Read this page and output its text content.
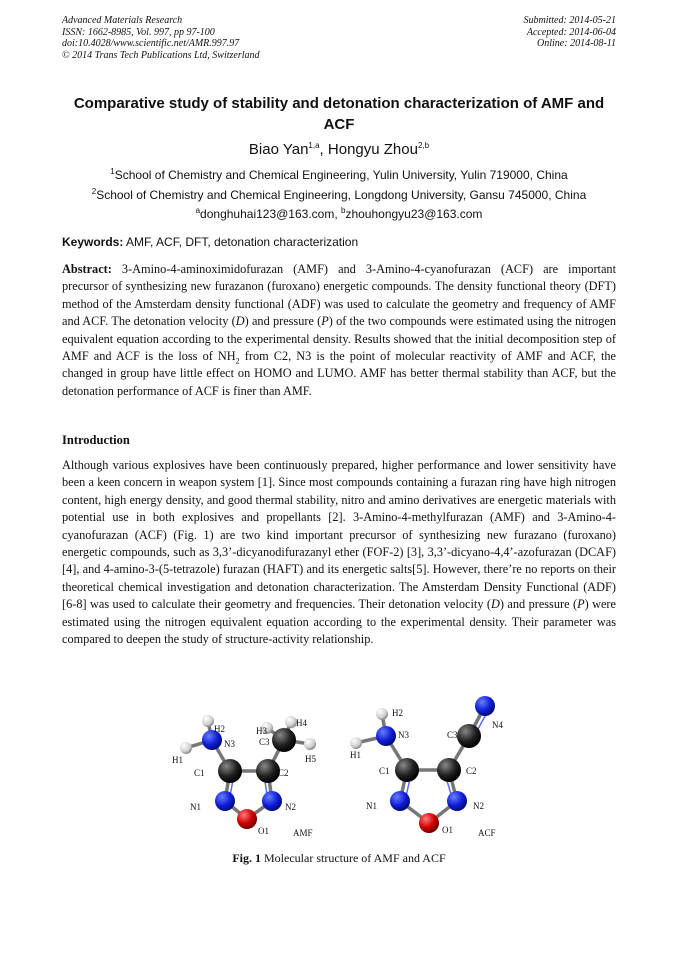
Advanced Materials Research
ISSN: 1662-8985, Vol. 997, pp 97-100
doi:10.4028/www.scientific.net/AMR.997.97
© 2014 Trans Tech Publications Ltd, Switzerland
Submitted: 2014-05-21
Accepted: 2014-06-04
Online: 2014-08-11
Comparative study of stability and detonation characterization of AMF and ACF
Biao Yan$^{1,a}$, Hongyu Zhou$^{2,b}$
$^1$School of Chemistry and Chemical Engineering, Yulin University, Yulin 719000, China
$^2$School of Chemistry and Chemical Engineering, Longdong University, Gansu 745000, China
$^a$donghuhai123@163.com, $^b$zhouhongyu23@163.com
Keywords: AMF, ACF, DFT, detonation characterization
Abstract: 3-Amino-4-aminoximidofurazan (AMF) and 3-Amino-4-cyanofurazan (ACF) are important precursor of synthesizing new furazanon (furoxano) energetic compounds. The density functional theory (DFT) method of the Amsterdam density functional (ADF) was used to calculate the geometry and frequency of AMF and ACF. The detonation velocity (D) and pressure (P) of the two compounds were estimated using the nitrogen equivalent equation according to the experimental density. Results showed that the initial decomposition step of AMF and ACF is the loss of $NH_2$ from C2, N3 is the point of molecular reactivity of AMF and ACF, the changed in group have little effect on HOMO and LUMO. AMF has better thermal stability than ACF, but the detonation performance of ACF is finer than AMF.
Introduction
Although various explosives have been continuously prepared, higher performance and lower sensitivity have been a keen concern in weapon system [1]. Since most compounds containing a furazan ring have high nitrogen content, high energy density, and good thermal stability, nitro and amino derivatives are energetic materials with potential use in both explosives and propellants [2]. 3-Amino-4-methylfurazan (AMF) and 3-Amino-4-cyanofurazan (ACF) (Fig. 1) are two kind important precursor of synthesizing new furazano (furoxano) energetic compounds, such as 3,3’-dicyanodifurazanyl ether (FOF-2) [3], 3,3’-dicyano-4,4’-azofurazan (DCAF) [4], and 4-amino-3-(5-tetrazole) furazan (HAFT) and its energetic salts[5]. However, there’re no reports on their theoretical chemical investigation and detonation characterization. The Amsterdam Density Functional (ADF) [6-8] was used to calculate their geometry and frequencies. Their detonation velocity (D) and pressure (P) were estimated using the nitrogen equivalent equation according to the experimental density. Their parameter was compared to deepen the study of structure-activity relationship.
H2
N3
H1
H3
C3
H4
H5
C1	C2
N1	N2
O1	AMF
H2
N3
H1
C3
N4
C1	C2
N1	N2
O1	ACF
Fig. 1 Molecular structure of AMF and ACF
